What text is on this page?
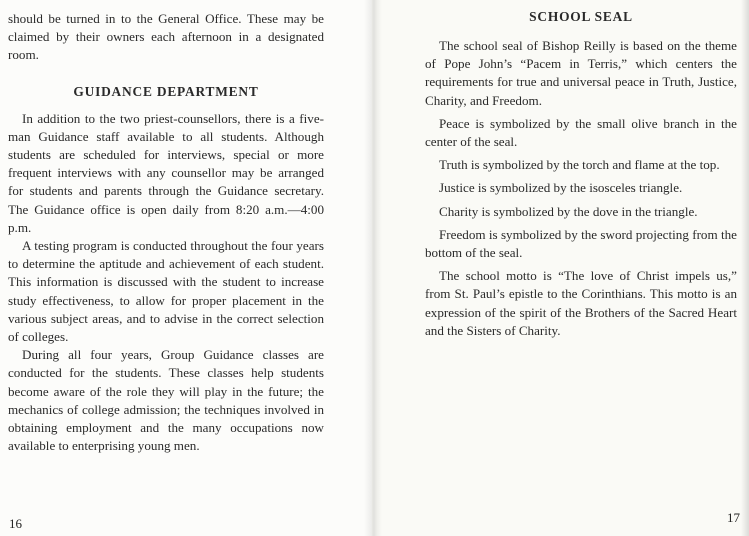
should be turned in to the General Office. These may be claimed by their owners each afternoon in a designated room.

GUIDANCE DEPARTMENT

In addition to the two priest-counsellors, there is a five-man Guidance staff available to all students. Although students are scheduled for interviews, special or more frequent interviews with any counsellor may be arranged for students and parents through the Guidance secretary. The Guidance office is open daily from 8:20 a.m.—4:00 p.m.

A testing program is conducted throughout the four years to determine the aptitude and achievement of each student. This information is discussed with the student to increase study effectiveness, to allow for proper placement in the various subject areas, and to advise in the correct selection of colleges.

During all four years, Group Guidance classes are conducted for the students. These classes help students become aware of the role they will play in the future; the mechanics of college admission; the techniques involved in obtaining employment and the many occupations now available to enterprising young men.

16
SCHOOL SEAL

The school seal of Bishop Reilly is based on the theme of Pope John’s “Pacem in Terris,” which centers the requirements for true and universal peace in Truth, Justice, Charity, and Freedom.

Peace is symbolized by the small olive branch in the center of the seal.

Truth is symbolized by the torch and flame at the top.

Justice is symbolized by the isosceles triangle.

Charity is symbolized by the dove in the triangle.

Freedom is symbolized by the sword projecting from the bottom of the seal.

The school motto is “The love of Christ impels us,” from St. Paul’s epistle to the Corinthians. This motto is an expression of the spirit of the Brothers of the Sacred Heart and the Sisters of Charity.

17
